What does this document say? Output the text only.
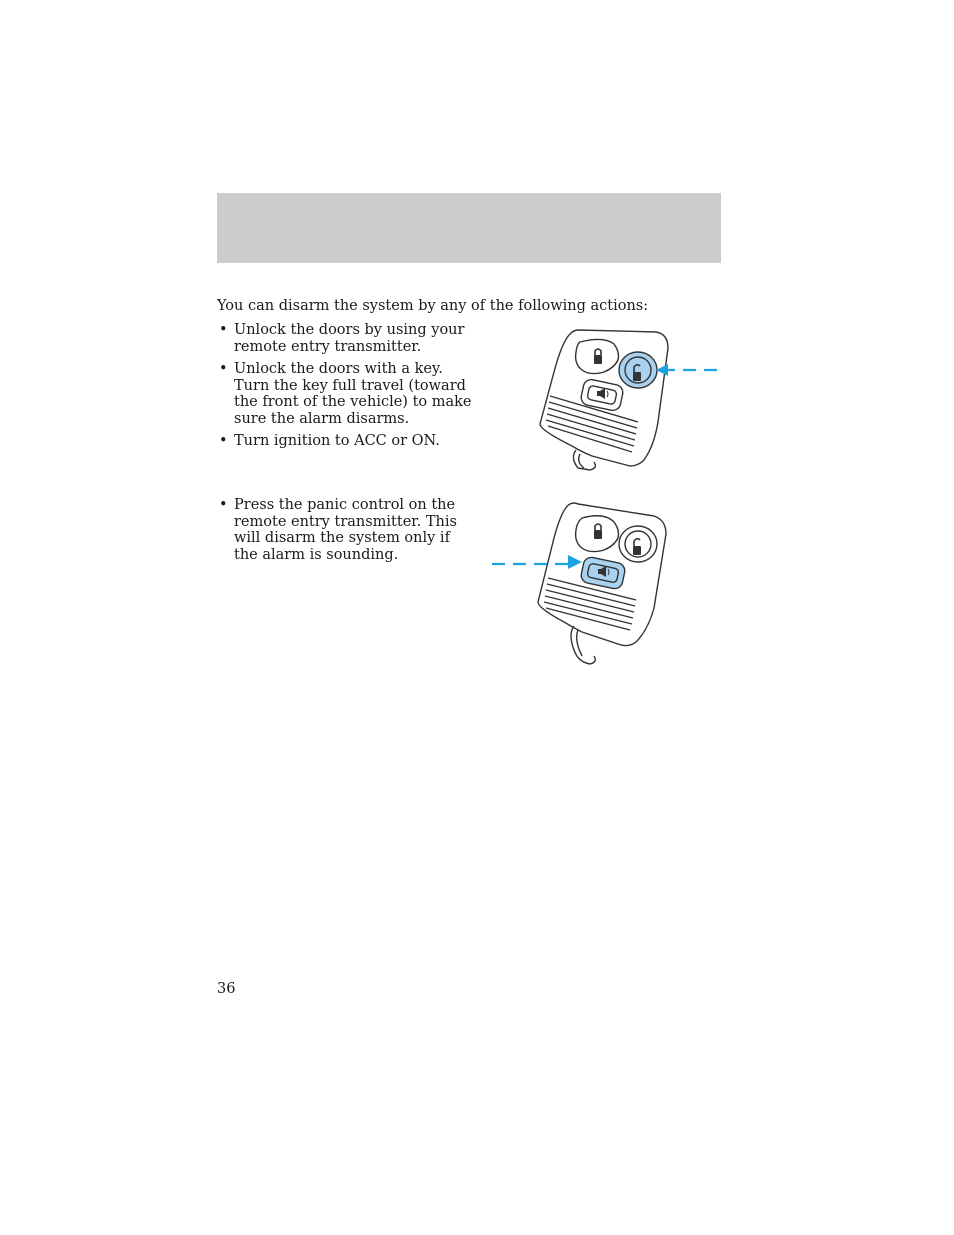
You can disarm the system by any of the following actions:

• Unlock the doors by using your remote entry transmitter.
• Unlock the doors with a key. Turn the key full travel (toward the front of the vehicle) to make sure the alarm disarms.
• Turn ignition to ACC or ON.
• Press the panic control on the remote entry transmitter. This will disarm the system only if the alarm is sounding.

36
